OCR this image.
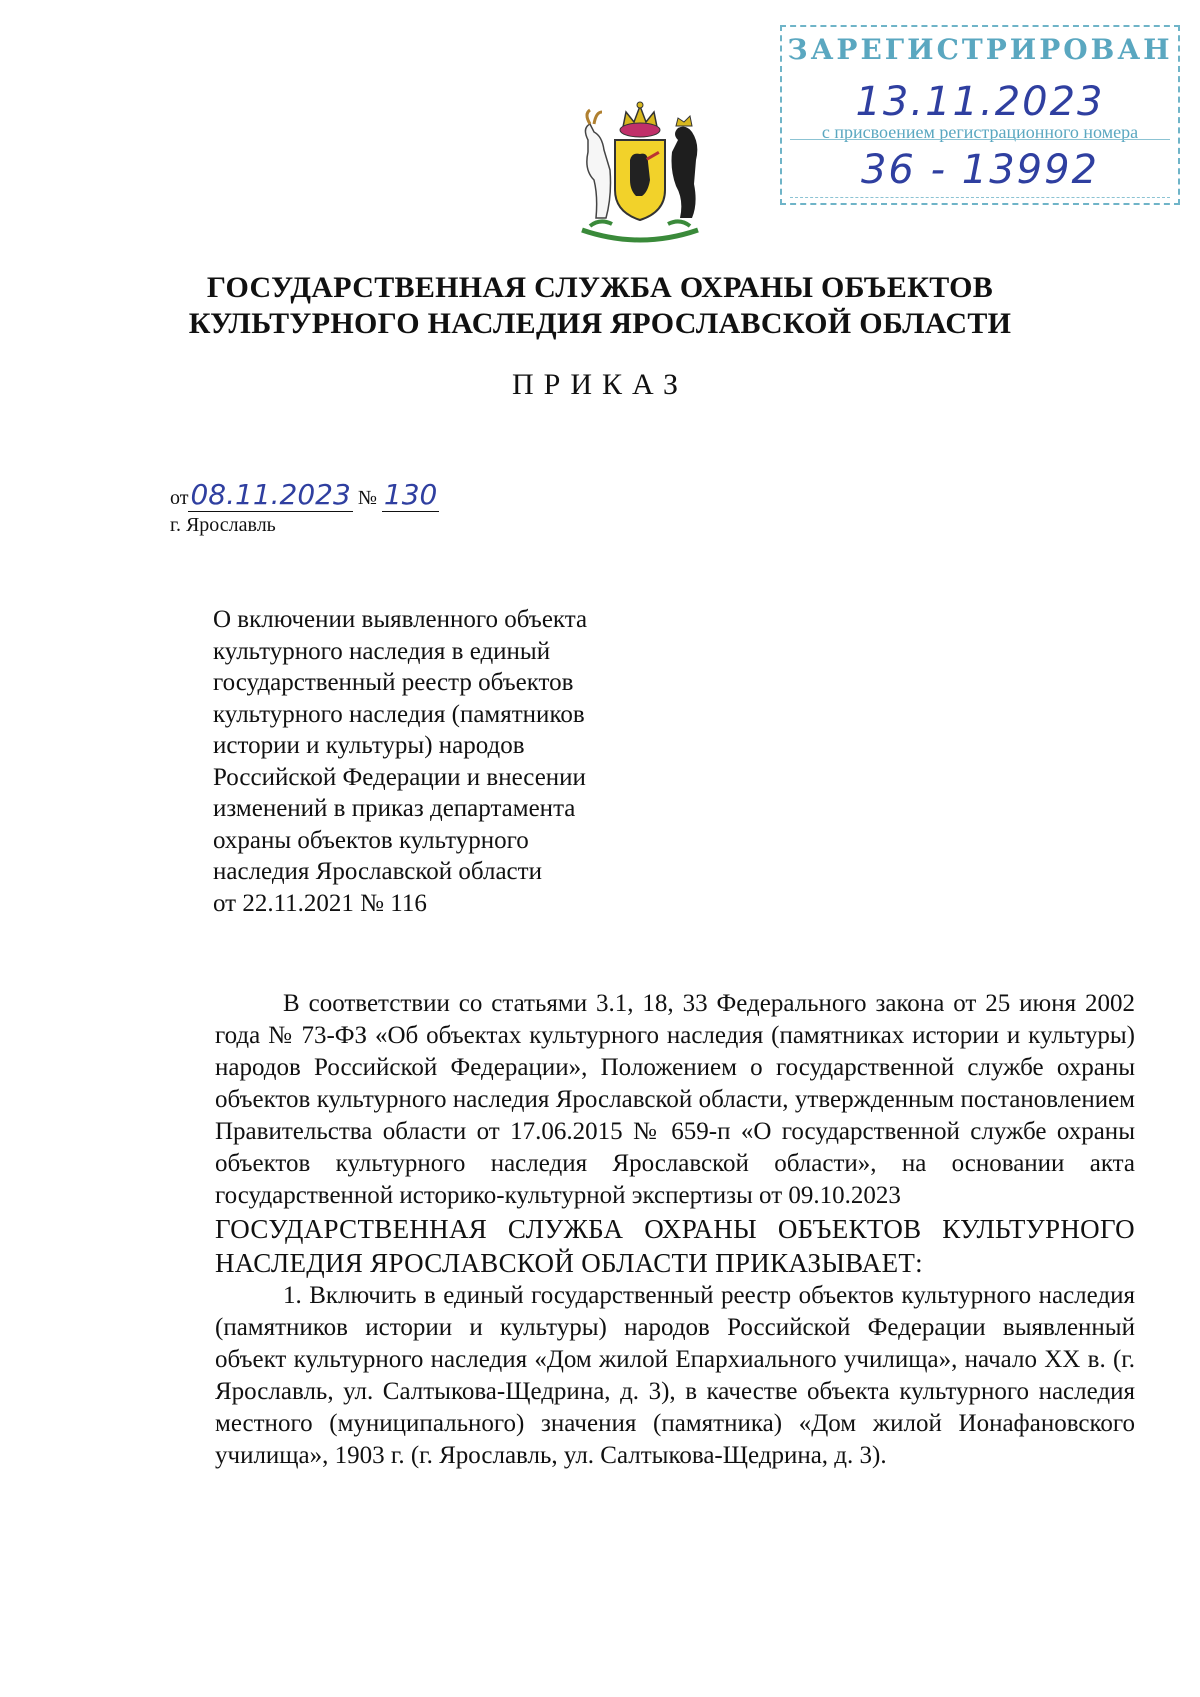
ЗАРЕГИСТРИРОВАН
13.11.2023
с присвоением регистрационного номера
36 - 13992
ГОСУДАРСТВЕННАЯ СЛУЖБА ОХРАНЫ ОБЪЕКТОВ
КУЛЬТУРНОГО НАСЛЕДИЯ ЯРОСЛАВСКОЙ ОБЛАСТИ
ПРИКАЗ
от08.11.2023 № 130
г. Ярославль
О включении выявленного объекта
культурного наследия в единый
государственный реестр объектов
культурного наследия (памятников
истории и культуры) народов
Российской Федерации и внесении
изменений в приказ департамента
охраны объектов культурного
наследия Ярославской области
от 22.11.2021 № 116

В соответствии со статьями 3.1, 18, 33 Федерального закона от 25 июня 2002 года № 73-ФЗ «Об объектах культурного наследия (памятниках истории и культуры) народов Российской Федерации», Положением о государственной службе охраны объектов культурного наследия Ярославской области, утвержденным постановлением Правительства области от 17.06.2015 № 659-п «О государственной службе охраны объектов культурного наследия Ярославской области», на основании акта государственной историко-культурной экспертизы от 09.10.2023

ГОСУДАРСТВЕННАЯ СЛУЖБА ОХРАНЫ ОБЪЕКТОВ КУЛЬТУРНОГО НАСЛЕДИЯ ЯРОСЛАВСКОЙ ОБЛАСТИ ПРИКАЗЫВАЕТ:

1. Включить в единый государственный реестр объектов культурного наследия (памятников истории и культуры) народов Российской Федерации выявленный объект культурного наследия «Дом жилой Епархиального училища», начало XX в. (г. Ярославль, ул. Салтыкова-Щедрина, д. 3), в качестве объекта культурного наследия местного (муниципального) значения (памятника) «Дом жилой Ионафановского училища», 1903 г. (г. Ярославль, ул. Салтыкова-Щедрина, д. 3).
